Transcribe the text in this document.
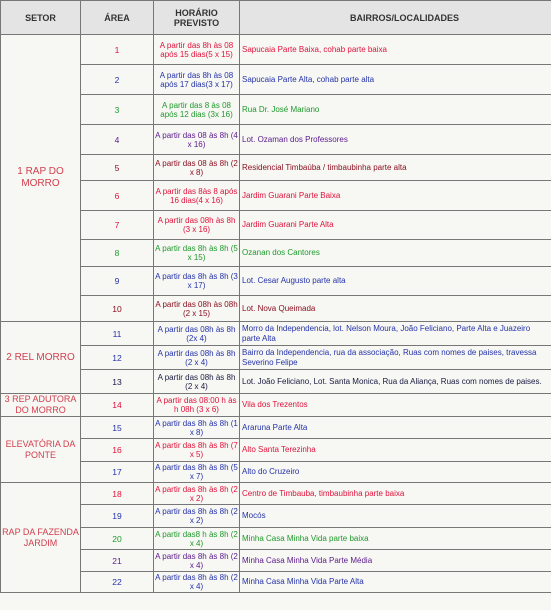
SETOR	ÁREA	HORÁRIO PREVISTO	BAIRROS/LOCALIDADES
1 RAP DO MORRO	1	A partir das 8h às 08 após 15 dias(5 x 15)	Sapucaia Parte Baixa, cohab parte baixa
	2	A partir das 8h às 08 após 17 dias(3 x 17)	Sapucaia Parte Alta, cohab parte alta
	3	A partir das 8 às 08 após 12 dias (3x 16)	Rua Dr. José Mariano
	4	A partir das 08 às 8h (4 x 16)	Lot. Ozaman dos Professores
	5	A partir das 08 às 8h (2 x 8)	Residencial Timbaúba / timbaubinha parte alta
	6	A partir das 8às 8 após 16 dias(4 x 16)	Jardim Guarani Parte Baixa
	7	A partir das 08h às 8h (3 x 16)	Jardim Guarani Parte Alta
	8	A partir das 8h às 8h (5 x 15)	Ozanan dos Cantores
	9	A partir das 8h às 8h (3 x 17)	Lot. Cesar Augusto parte alta
	10	A partir das 08h às 08h (2 x 15)	Lot. Nova Queimada
2 REL MORRO	11	A partir das 08h às 8h (2x 4)	Morro da Independencia, lot. Nelson Moura, João Feliciano, Parte Alta e Juazeiro parte Alta
	12	A partir das 08h às 8h (2 x 4)	Bairro da Independencia, rua da associação, Ruas com nomes de paises, travessa Severino Felipe
	13	A partir das 08h às 8h (2 x 4)	Lot. João Feliciano, Lot. Santa Monica, Rua da Aliança, Ruas com nomes de paises.
3 REP ADUTORA DO MORRO	14	A partir das 08:00 h às h 08h (3 x 6)	Vila dos Trezentos
ELEVATÓRIA DA PONTE	15	A partir das 8h às 8h (1 x 8)	Araruna Parte Alta
	16	A partir das 8h às 8h (7 x 5)	Alto Santa Terezinha
	17	A partir das 8h às 8h (5 x 7)	Alto do Cruzeiro
RAP DA FAZENDA JARDIM	18	A partir das 8h às 8h (2 x 2)	Centro de Timbauba, timbaubinha parte baixa
	19	A partir das 8h às 8h (2 x 2)	Mocós
	20	A partir das8 h às 8h (2 x 4)	Minha Casa Minha Vida parte baixa
	21	A partir das 8h às 8h (2 x 4)	Minha Casa Minha Vida Parte Média
	22	A partir das 8h às 8h (2 x 4)	Minha Casa Minha Vida Parte Alta
